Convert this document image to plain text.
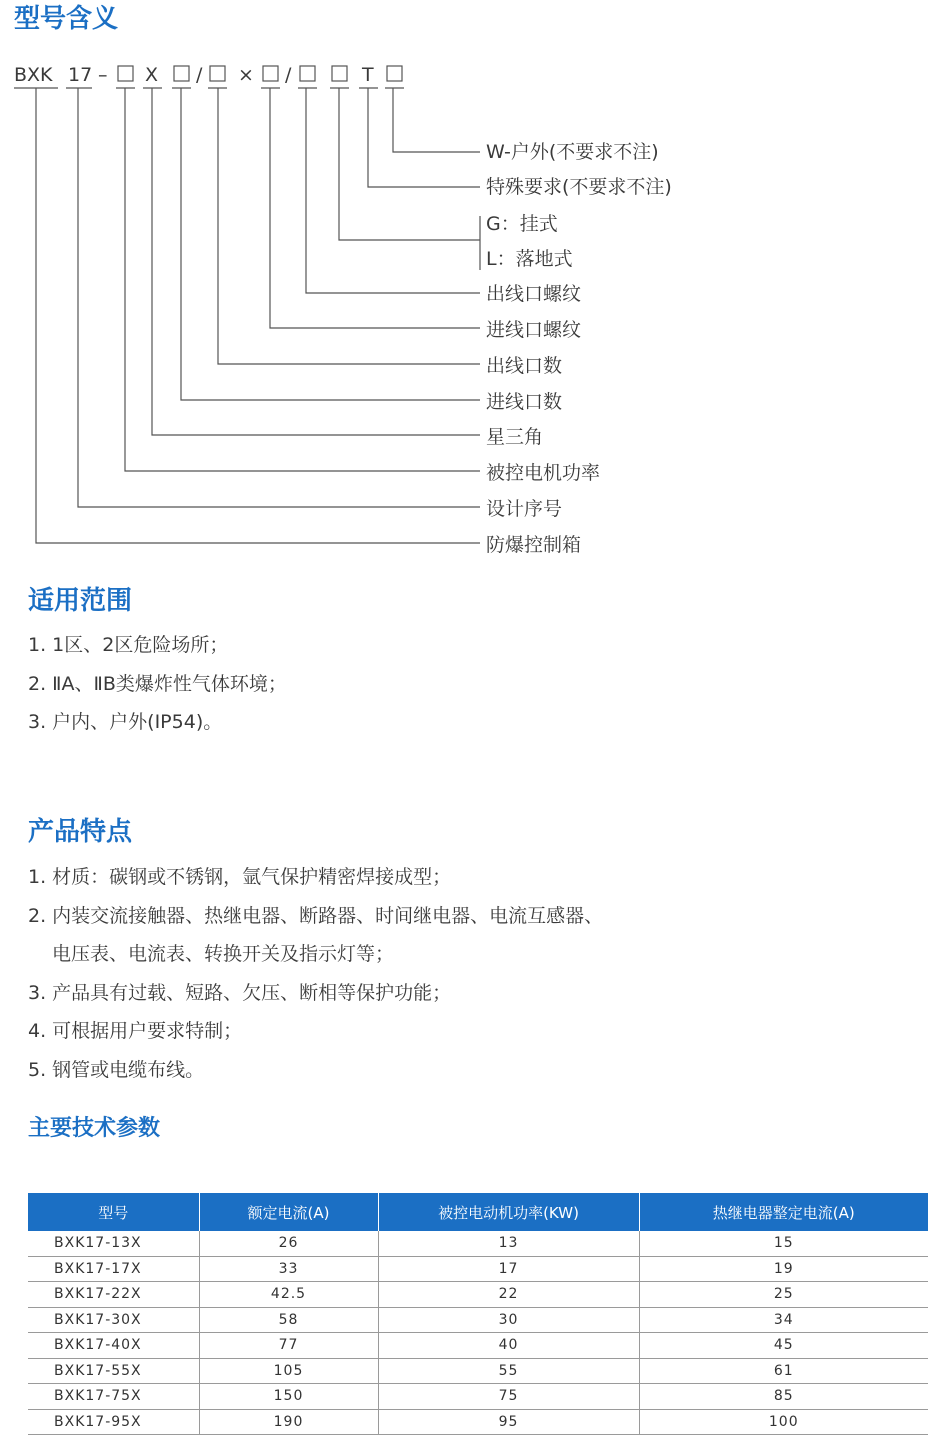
型号含义
BXK 17 – X / × /	T
W-户外(不要求不注)
特殊要求(不要求不注)
G：挂式
L：落地式
出线口螺纹
进线口螺纹
出线口数
进线口数
星三角
被控电机功率
设计序号
防爆控制箱
适用范围
1. 1区、2区危险场所；
2. ⅡA、ⅡB类爆炸性气体环境；
3. 户内、户外(IP54)。
产品特点
1. 材质：碳钢或不锈钢，氩气保护精密焊接成型；
2. 内装交流接触器、热继电器、断路器、时间继电器、电流互感器、
电压表、电流表、转换开关及指示灯等；
3. 产品具有过载、短路、欠压、断相等保护功能；
4. 可根据用户要求特制；
5. 钢管或电缆布线。
主要技术参数
型号	额定电流(A)	被控电动机功率(KW)	热继电器整定电流(A)
BXK17-13X	26	13	15
BXK17-17X	33	17	19
BXK17-22X	42.5	22	25
BXK17-30X	58	30	34
BXK17-40X	77	40	45
BXK17-55X	105	55	61
BXK17-75X	150	75	85
BXK17-95X	190	95	100
